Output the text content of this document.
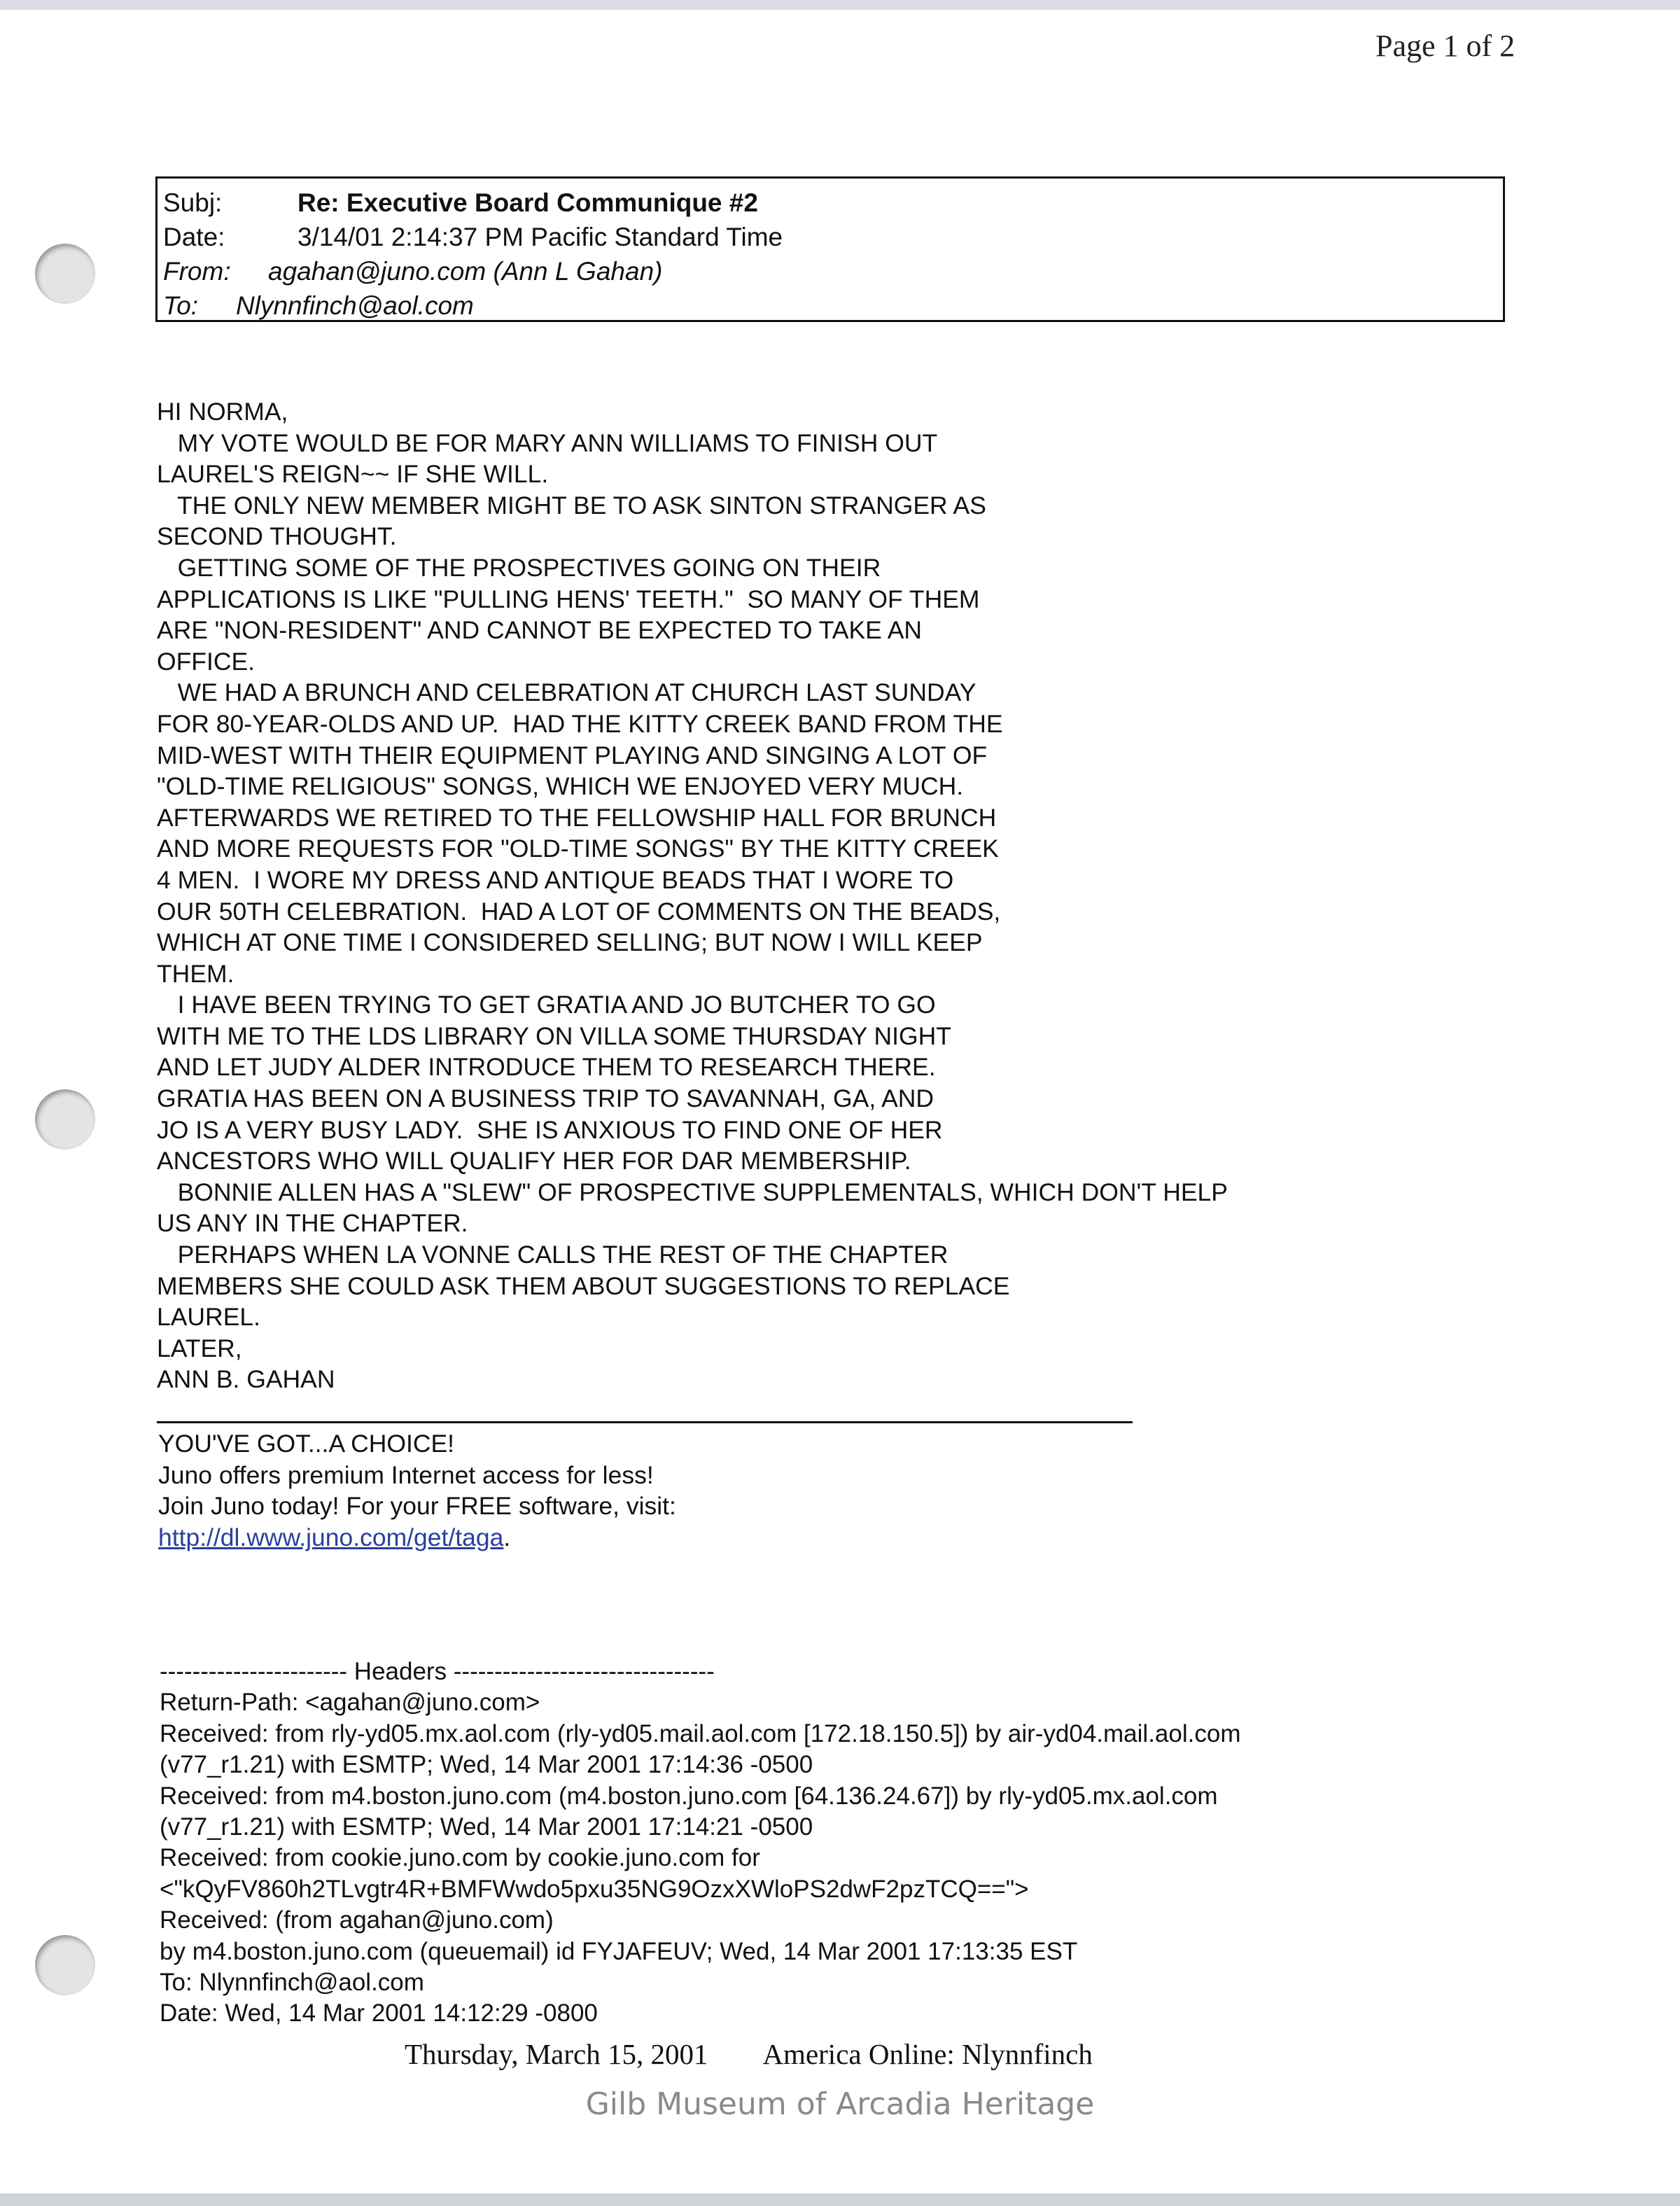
Page 1 of 2
Subj:	Re: Executive Board Communique #2
Date:	3/14/01 2:14:37 PM Pacific Standard Time
From: agahan@juno.com (Ann L Gahan)
To: Nlynnfinch@aol.com
HI NORMA,
MY VOTE WOULD BE FOR MARY ANN WILLIAMS TO FINISH OUT
LAUREL'S REIGN~~ IF SHE WILL.
THE ONLY NEW MEMBER MIGHT BE TO ASK SINTON STRANGER AS
SECOND THOUGHT.
GETTING SOME OF THE PROSPECTIVES GOING ON THEIR
APPLICATIONS IS LIKE "PULLING HENS' TEETH."  SO MANY OF THEM
ARE "NON-RESIDENT" AND CANNOT BE EXPECTED TO TAKE AN
OFFICE.
WE HAD A BRUNCH AND CELEBRATION AT CHURCH LAST SUNDAY
FOR 80-YEAR-OLDS AND UP.  HAD THE KITTY CREEK BAND FROM THE
MID-WEST WITH THEIR EQUIPMENT PLAYING AND SINGING A LOT OF
"OLD-TIME RELIGIOUS" SONGS, WHICH WE ENJOYED VERY MUCH.
AFTERWARDS WE RETIRED TO THE FELLOWSHIP HALL FOR BRUNCH
AND MORE REQUESTS FOR "OLD-TIME SONGS" BY THE KITTY CREEK
4 MEN.  I WORE MY DRESS AND ANTIQUE BEADS THAT I WORE TO
OUR 50TH CELEBRATION.  HAD A LOT OF COMMENTS ON THE BEADS,
WHICH AT ONE TIME I CONSIDERED SELLING; BUT NOW I WILL KEEP
THEM.
I HAVE BEEN TRYING TO GET GRATIA AND JO BUTCHER TO GO
WITH ME TO THE LDS LIBRARY ON VILLA SOME THURSDAY NIGHT
AND LET JUDY ALDER INTRODUCE THEM TO RESEARCH THERE.
GRATIA HAS BEEN ON A BUSINESS TRIP TO SAVANNAH, GA, AND
JO IS A VERY BUSY LADY.  SHE IS ANXIOUS TO FIND ONE OF HER
ANCESTORS WHO WILL QUALIFY HER FOR DAR MEMBERSHIP.
BONNIE ALLEN HAS A "SLEW" OF PROSPECTIVE SUPPLEMENTALS, WHICH DON'T HELP
US ANY IN THE CHAPTER.
PERHAPS WHEN LA VONNE CALLS THE REST OF THE CHAPTER
MEMBERS SHE COULD ASK THEM ABOUT SUGGESTIONS TO REPLACE
LAUREL.
LATER,
ANN B. GAHAN
YOU'VE GOT...A CHOICE!
Juno offers premium Internet access for less!
Join Juno today! For your FREE software, visit:
http://dl.www.juno.com/get/taga.
----------------------- Headers --------------------------------
Return-Path: <agahan@juno.com>
Received: from rly-yd05.mx.aol.com (rly-yd05.mail.aol.com [172.18.150.5]) by air-yd04.mail.aol.com
(v77_r1.21) with ESMTP; Wed, 14 Mar 2001 17:14:36 -0500
Received: from m4.boston.juno.com (m4.boston.juno.com [64.136.24.67]) by rly-yd05.mx.aol.com
(v77_r1.21) with ESMTP; Wed, 14 Mar 2001 17:14:21 -0500
Received: from cookie.juno.com by cookie.juno.com for
<"kQyFV860h2TLvgtr4R+BMFWwdo5pxu35NG9OzxXWloPS2dwF2pzTCQ==">
Received: (from agahan@juno.com)
by m4.boston.juno.com (queuemail) id FYJAFEUV; Wed, 14 Mar 2001 17:13:35 EST
To: Nlynnfinch@aol.com
Date: Wed, 14 Mar 2001 14:12:29 -0800
Thursday, March 15, 2001 America Online: Nlynnfinch
Gilb Museum of Arcadia Heritage
